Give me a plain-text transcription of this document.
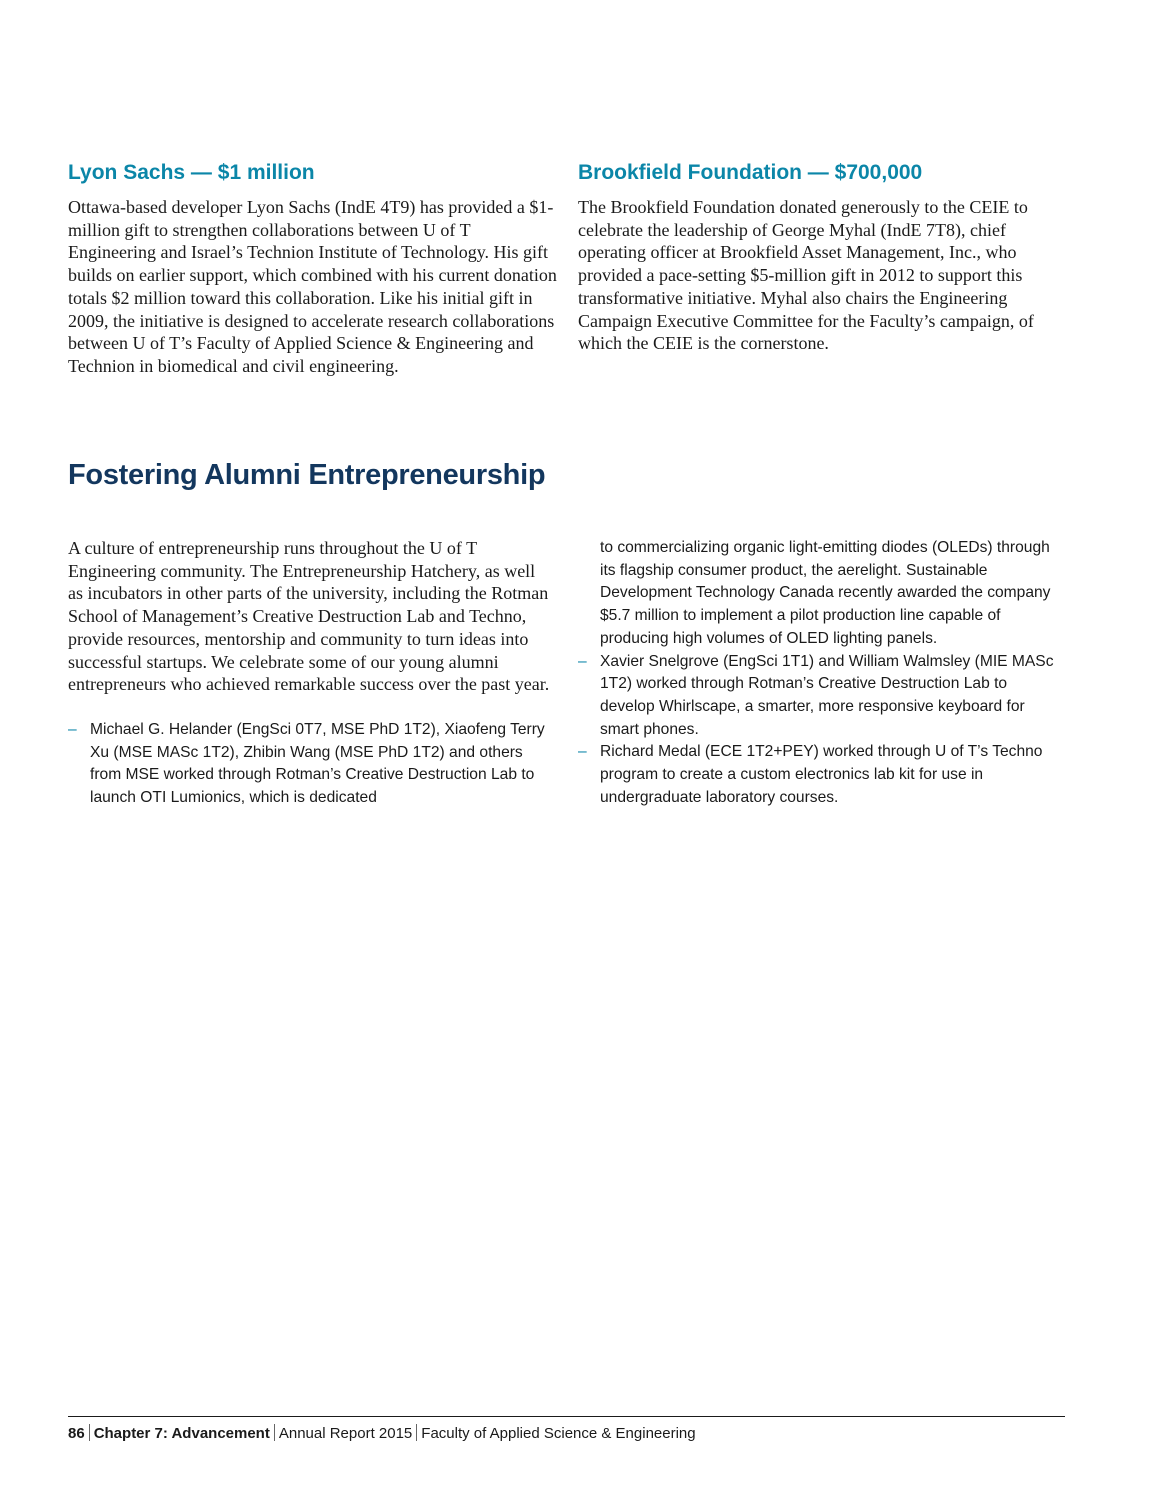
Lyon Sachs — $1 million

Ottawa-based developer Lyon Sachs (IndE 4T9) has provided a $1-million gift to strengthen collaborations between U of T Engineering and Israel’s Technion Institute of Technology. His gift builds on earlier support, which combined with his current donation totals $2 million toward this collaboration. Like his initial gift in 2009, the initiative is designed to accelerate research collaborations between U of T’s Faculty of Applied Science & Engineering and Technion in biomedical and civil engineering.

Brookfield Foundation — $700,000

The Brookfield Foundation donated generously to the CEIE to celebrate the leadership of George Myhal (IndE 7T8), chief operating officer at Brookfield Asset Management, Inc., who provided a pace-setting $5-million gift in 2012 to support this transformative initiative. Myhal also chairs the Engineering Campaign Executive Committee for the Faculty’s campaign, of which the CEIE is the cornerstone.

Fostering Alumni Entrepreneurship

A culture of entrepreneurship runs throughout the U of T Engineering community. The Entrepreneurship Hatchery, as well as incubators in other parts of the university, including the Rotman School of Management’s Creative Destruction Lab and Techno, provide resources, mentorship and community to turn ideas into successful startups. We celebrate some of our young alumni entrepreneurs who achieved remarkable success over the past year.

– Michael G. Helander (EngSci 0T7, MSE PhD 1T2), Xiaofeng Terry Xu (MSE MASc 1T2), Zhibin Wang (MSE PhD 1T2) and others from MSE worked through Rotman’s Creative Destruction Lab to launch OTI Lumionics, which is dedicated
to commercializing organic light-emitting diodes (OLEDs) through its flagship consumer product, the aerelight. Sustainable Development Technology Canada recently awarded the company $5.7 million to implement a pilot production line capable of producing high volumes of OLED lighting panels.
– Xavier Snelgrove (EngSci 1T1) and William Walmsley (MIE MASc 1T2) worked through Rotman’s Creative Destruction Lab to develop Whirlscape, a smarter, more responsive keyboard for smart phones.
– Richard Medal (ECE 1T2+PEY) worked through U of T’s Techno program to create a custom electronics lab kit for use in undergraduate laboratory courses.
86 Chapter 7: Advancement Annual Report 2015 Faculty of Applied Science & Engineering
